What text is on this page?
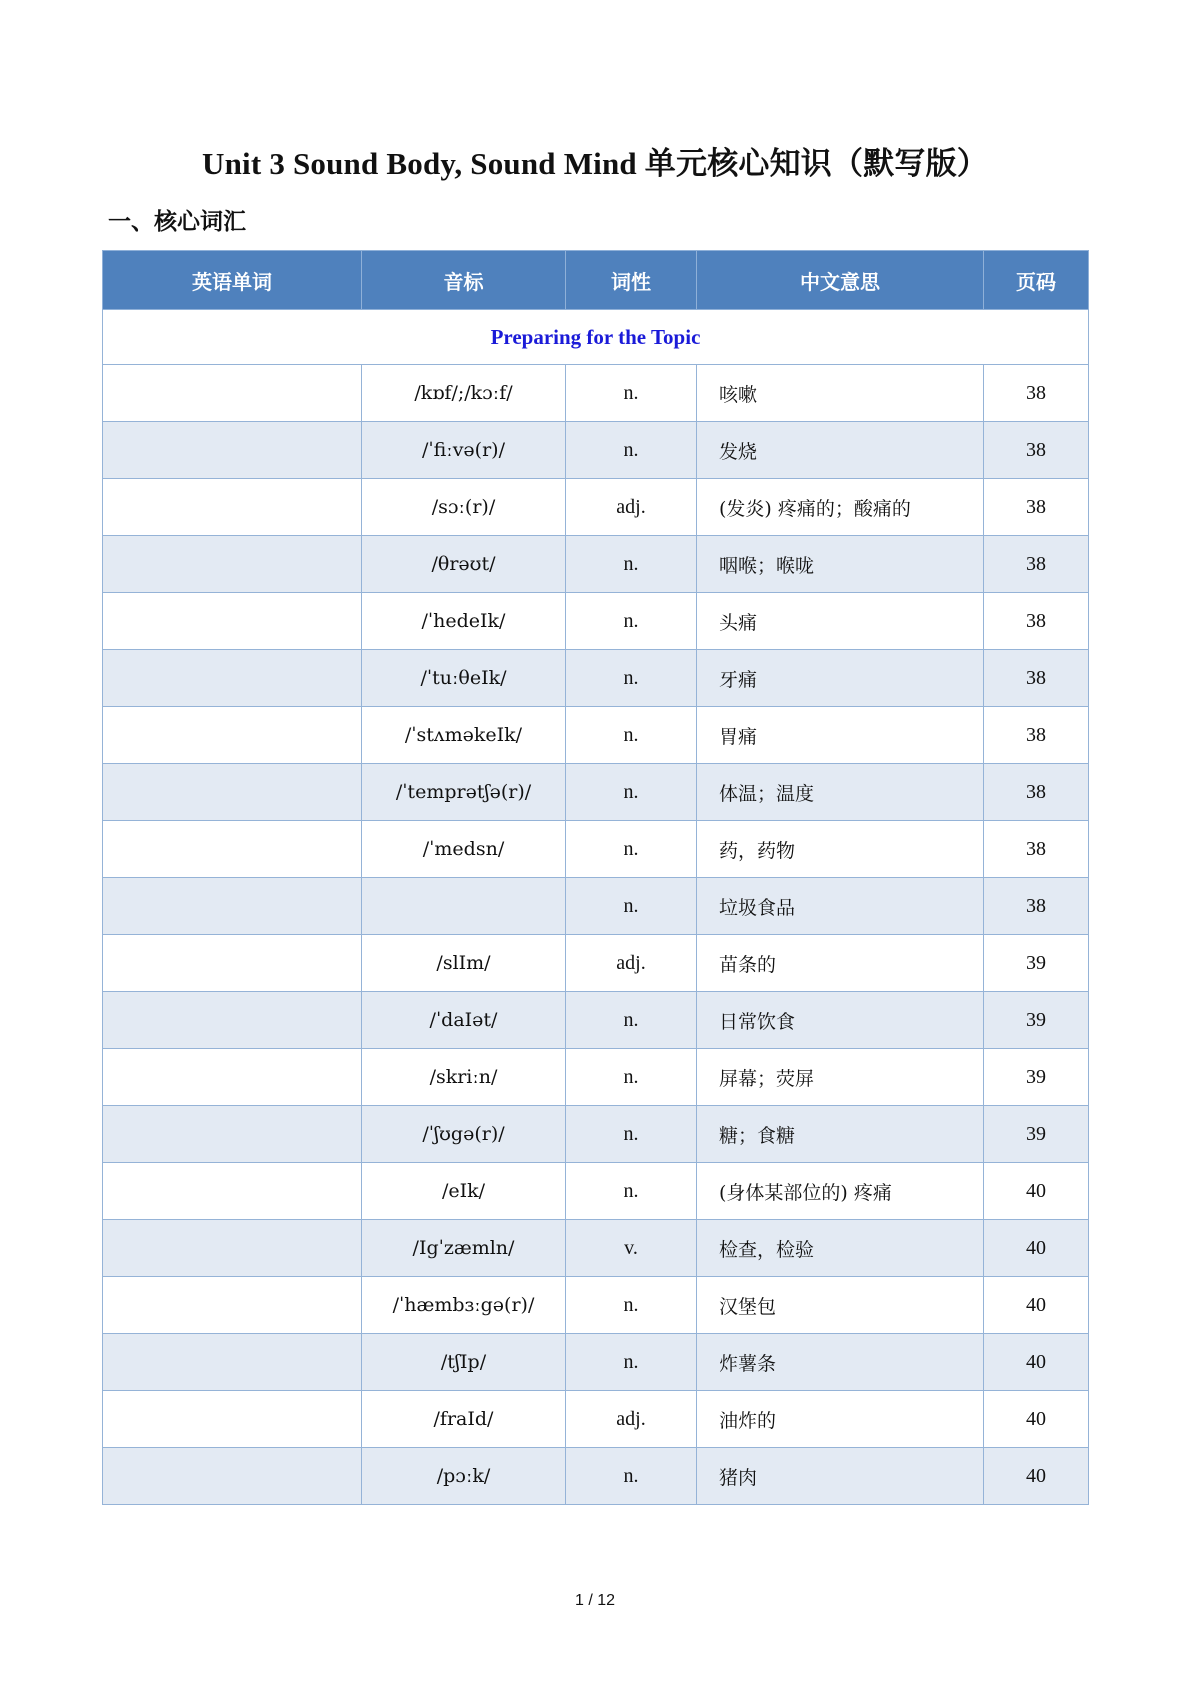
Unit 3 Sound Body, Sound Mind 单元核心知识（默写版）
一、核心词汇
英语单词	音标	词性	中文意思	页码
Preparing for the Topic				
	/kɒf/;/kɔːf/	n.	咳嗽	38
	/ˈfiːvə(r)/	n.	发烧	38
	/sɔː(r)/	adj.	(发炎) 疼痛的；酸痛的	38
	/θrəʊt/	n.	咽喉；喉咙	38
	/ˈhedeIk/	n.	头痛	38
	/ˈtuːθeIk/	n.	牙痛	38
	/ˈstʌməkeIk/	n.	胃痛	38
	/ˈtemprətʃə(r)/	n.	体温；温度	38
	/ˈmedsn/	n.	药，药物	38
		n.	垃圾食品	38
	/slIm/	adj.	苗条的	39
	/ˈdaIət/	n.	日常饮食	39
	/skriːn/	n.	屏幕；荧屏	39
	/ˈʃʊgə(r)/	n.	糖；食糖	39
	/eIk/	n.	(身体某部位的) 疼痛	40
	/Igˈzæmln/	v.	检查，检验	40
	/ˈhæmbɜːgə(r)/	n.	汉堡包	40
	/tʃIp/	n.	炸薯条	40
	/fraId/	adj.	油炸的	40
	/pɔːk/	n.	猪肉	40
1 / 12
